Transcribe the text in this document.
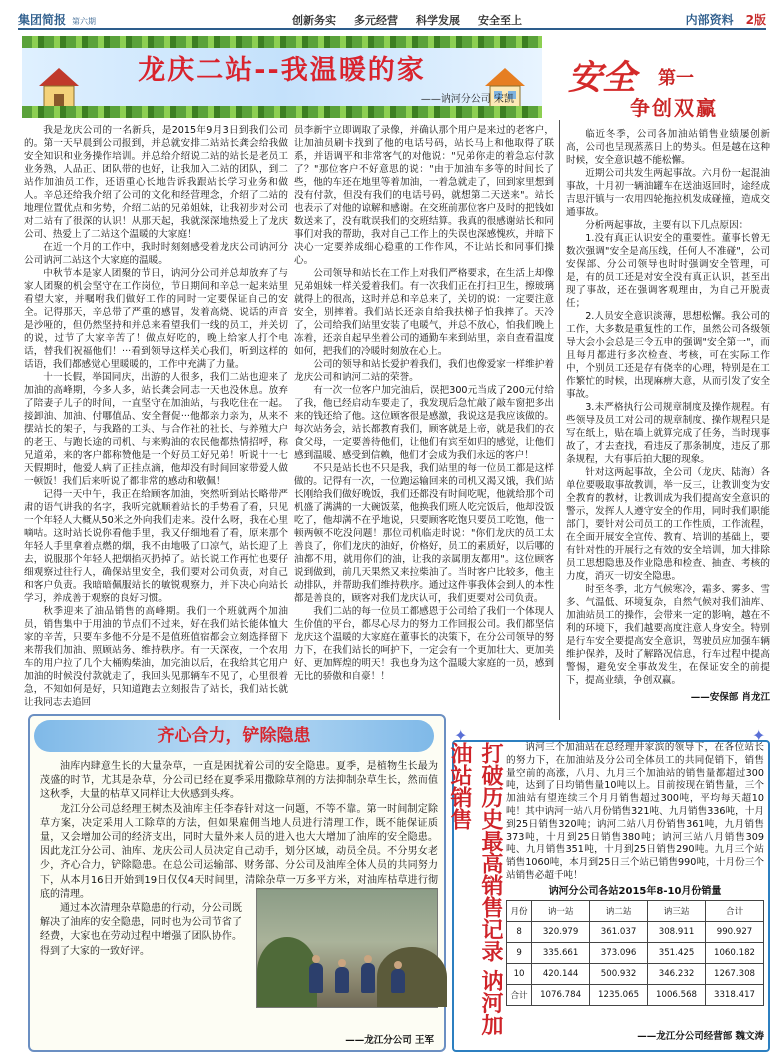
集团简报 第六期	创新务实 多元经营 科学发展 安全至上	内部资料 2版
龙庆二站--我温暖的家
——讷河分公司 宋凯
安全 第一
争创双赢

我是龙庆公司的一名新兵，是2015年9月3日到我们公司的。第一天早晨到公司报到，并总就安排二站站长龚会给我做安全知识和业务操作培训。并总给介绍说二站的站长是老员工业务熟，人品正、团队带的也好，让我加入二站的团队，到二站作加油员工作，还语重心长地告诉我跟站长学习业务和做人。辛总还给我介绍了公司的文化和经营理念，介绍了二站的地理位置优点和劣势，介绍二站的兄弟姐妹，让我初步对公司对二站有了很深的认识！从那天起，我就深深地热爱上了龙庆公司、热爱上了二站这个温暖的大家庭！

在近一个月的工作中，我时时刻刻感受着龙庆公司讷河分公司讷河二站这个大家庭的温暖。

中秋节本是家人团聚的节日，讷河分公司并总却放弃了与家人团聚的机会坚守在工作岗位，节日期间和辛总一起来站里看望大家，并嘱咐我们做好工作的同时一定要保证自己的安全。记得那天，辛总带了严重的感冒，发着高烧、说话的声音是沙哑的，但仍然坚持和并总来看望我们一线的员工，并关切的说，过节了大家辛苦了！做点好吃的，晚上给家人打个电话，替我们祝福他们！···看到领导这样关心我们，听到这样的话语，我们都感觉心里暖暖的，工作中充满了力量。

十一长假，举国同庆，出游的人很多，我们二站也迎来了加油的高峰期，今多人多，站长龚会同志一天也没休息。放弃了陪妻子儿子的时间，一直坚守在加油站，与我吃住在一起。接卸油、加油、付哪值品、安全督促···他都亲力亲为，从来不摆站长的架子，与我路的工头、与合作社的社长、与养殖大户的老王、与跑长途的司机、与来购油的农民他都热情招呼，称兄道弟，来的客户都称赞他是一个好员工好兄弟！听说十一七天假期时，他爱人病了正挂点滴，他却没有时间回家带爱人做一顿饭！我们后来听说了都非常的感动和敬佩！

记得一天中午，我正在给顾客加油，突然听到站长略带严肃的语气讲我的名字，我听完就顺着站长的手势看了看，只见一个年轻人大概从50米之外向我们走来。没什么呀，我在心里嘀咕。这时站长说你看他手里，我又仔细地看了看，原来那个年轻人手里拿着点燃的烟，我不由地吸了口凉气，站长迎了上去，说服那个年轻人把烟掐灭扔掉了。站长说工作再忙也要仔细观察过往行人，确保站里安全，我们要对公司负责，对自己和客户负责。我暗暗佩服站长的敏锐观察力，并下决心向站长学习，养成善于观察的良好习惯。

秋季迎来了油品销售的高峰期。我们一个班就两个加油员，销售集中于用油的节点们不过来，好在我们站长能体恤大家的辛苦，只要车多他不分是不是值班值宿都会立刻选择留下来帮我们加油、照顾站务、维持秩序。有一天深夜，一个农用车的用户拉了几个大桶购柴油，加完油以后，在我给其它用户加油的时候没付款就走了，我回头见那辆车不见了，心里很着急，不知如何是好，只知道跑去立刻报告了站长，我们站长就让我同志去追回

员李新宇立即调取了录像，并确认那个用户是来过的老客户，让加油员刷卡找到了他的电话号码，站长马上和他取得了联系，并语调平和非常客气的对他说："兄弟你走的着急忘付款了？"那位客户不好意思的说："由于加油车多等的时间长了些，他的车还在地里等着加油，一着急就走了，回到家里想到没有付款，但没有我们的电话号码，就想第二天送来"。站长也表示了对他的谅解和感谢。在交班前那位客户及时的把钱如数送来了，没有耽误我们的交班结算。我真的很感谢站长和同事们对我的帮助，我对自己工作上的失误也深感愧疚，并暗下决心一定要养成细心稳重的工作作风，不让站长和同事们操心。

公司领导和站长在工作上对我们严格要求，在生活上却像兄弟姐妹一样关爱着我们。有一次我们正在打扫卫生，擦玻璃就得上的很高，这时并总和辛总来了，关切的说：一定要注意安全，别摔着。我们站长还亲自给我扶梯子怕我摔了。天冷了，公司给我们站里安装了电暖气，并总不放心，怕我们晚上冻着，还亲自起早坐着公司的通勤车来到站里，亲自查看温度如何，把我们的冷暖时刻放在心上。

公司的领导和站长爱护着我们，我们也像爱家一样维护着龙庆公司和讷河二站的荣誉。

有一次一位客户加完油后，误把300元当成了200元付给了我，他已经启动车要走了，我发现后急忙敲了敲车窗把多出来的钱还给了他。这位顾客很是感激，我说这是我应该做的。每次站务会，站长都教育我们，顾客就是上帝，就是我们的衣食父母，一定要善待他们，让他们有宾至如归的感觉，让他们感到温暖、感受到信赖，他们才会成为我们永远的客户！

不只是站长也不只是我，我们站里的每一位员工都是这样做的。记得有一次，一位跑运输回来的司机又渴又饿，我们站长刚给我们做好晚饭，我们还都没有时间吃呢，他就给那个司机盛了满满的一大碗饭菜，他换我们班人吃完饭后，他却没饭吃了，他却满不在乎地说，只要顾客吃饱只要员工吃饱，他一顿两顿不吃没问题！那位司机临走时说："你们龙庆的员工太善良了，你们龙庆的油好，价格好，员工的素质好，以后哪的油都不用，就用你们的油，让我的亲属朋友都用"。这位顾客说到做到，前几天果然又来拉柴油了。当时客户比较多，他主动排队，并帮助我们维持秩序。通过这件事我体会到人的本性都是善良的，顾客对我们龙庆认可，我们更要对公司负责。

我们二站的每一位员工都感恩于公司给了我们一个体现人生价值的平台，都尽心尽力的努力工作回报公司。我们都坚信龙庆这个温暖的大家庭在董事长的决策下，在分公司领导的努力下，在我们站长的呵护下，一定会有一个更加壮大、更加美好、更加辉煌的明天！我也身为这个温暖大家庭的一员，感到无比的骄傲和自豪！！

临近冬季，公司各加油站销售业绩屡创新高，公司也呈现蒸蒸日上的势头。但是越在这种时候，安全意识越不能松懈。

近期公司共发生两起事故。六月份一起混油事故，十月初一辆油罐车在送油返回时，途经成吉思汗镇与一农用四轮拖拉机发成碰撞，造成交通事故。

分析两起事故，主要有以下几点原因：

1.没有真正认识安全的重要性。董事长曾无数次强调"安全是高压线，任何人不准碰"，公司安保部、分公司领导也时时强调安全管理，可是，有的员工还是对安全没有真正认识，甚至出现了事故，还在强调客观理由，为自己开脱责任；

2.人员安全意识淡薄，思想松懈。我公司的工作，大多数是重复性的工作，虽然公司各级领导大会小会总是三令五申的强调"安全第一"，而且每月都进行多次检查、考核，可在实际工作中，个别员工还是存有侥幸的心理，特别是在工作繁忙的时候，出现麻痹大意，从而引发了安全事故。

3.未严格执行公司规章制度及操作规程。有些领导及员工对公司的规章制度、操作规程只是写在纸上，贴在墙上就算完成了任务，当时现事故了，才去查找，看违反了那条制度，违反了那条规程，大有事后拍大腿的现象。

针对这两起事故，全公司（龙庆、陆海）各单位要吸取事故教训，举一反三，让教训变为安全教育的教材，让教训成为我们提高安全意识的警示，发挥人人遵守安全的作用，同时我们职能部门，要针对公司员工的工作性质，工作流程，在全面开展安全宣传、教育、培训的基础上，要有针对性的开展行之有效的安全培训，加大排除员工思想隐患及作业隐患和检查、抽查、考核的力度，消灭一切安全隐患。

时至冬季，北方气候寒冷，霜多、雾多、雪多、气温低、环境复杂，自然气候对我们油库、加油站员工的操作，会带来一定的影响，越在不利的环境下，我们越要高度注意人身安全。特别是行车安全要提高安全意识，驾驶员应加强车辆维护保养，及时了解路况信息，行车过程中提高警惕，避免安全事故发生，在保证安全的前提下，提高业绩，争创双赢。

——安保部 肖龙江
齐心合力，铲除隐患

油库内肆意生长的大量杂草，一直是困扰着公司的安全隐患。夏季，是植物生长最为茂盛的时节，尤其是杂草，分公司已经在夏季采用撒除草剂的方法抑制杂草生长，然而值这秋季，大量的枯草又同样让大伙感到头疼。

龙江分公司总经理王树杰及油库主任李春针对这一问题，不等不靠。第一时间制定除草方案，决定采用人工除草的方法，但如果雇佣当地人员进行清理工作，既不能保证质量，又会增加公司的经济支出，同时大量外来人员的进入也大大增加了油库的安全隐患。因此龙江分公司、油库、龙庆公司人员决定自己动手，划分区域，动员全员。不分男女老少，齐心合力，铲除隐患。在总公司运输部、财务部、分公司及油库全体人员的共同努力下，从本月16日开始到19日仅仅4天时间里，清除杂草一万多平方米，对油库枯草进行彻底的清理。

通过本次清理杂草隐患的行动，分公司既解决了油库的安全隐患，同时也为公司节省了经费，大家也在劳动过程中增强了团队协作。得到了大家的一致好评。

——龙江分公司 王军
✦	✦
打破历史最高销售记录 讷河加油站销售	讷河三个加油站在总经理井家滨的领导下，在各位站长的努力下，在加油站及分公司全体员工的共同促销下，销售量空前的高涨，八月、九月三个加油站的销售量都超过300吨，达到了日均销售量10吨以上。目前按现在销售量，三个加油站有望连续三个月月销售超过300吨，平均每天超10吨！其中讷河一站八月份销售321吨、九月销售336吨，十月到25日销售320吨；讷河二站八月份销售361吨，九月销售373吨，十月到25日销售380吨；讷河三站八月销售309吨、九月销售351吨，十月到25日销售290吨。九月三个站销售1060吨，本月到25日三个站已销售990吨，十月份三个站销售必超千吨！

讷河分公司各站2015年8-10月份销量
月份	讷一站	讷二站	讷三站	合计
8	320.979	361.037	308.911	990.927
9	335.661	373.096	351.425	1060.182
10	420.144	500.932	346.232	1267.308
合计	1076.784	1235.065	1006.568	3318.417
——龙江分公司经营部 魏文涛
